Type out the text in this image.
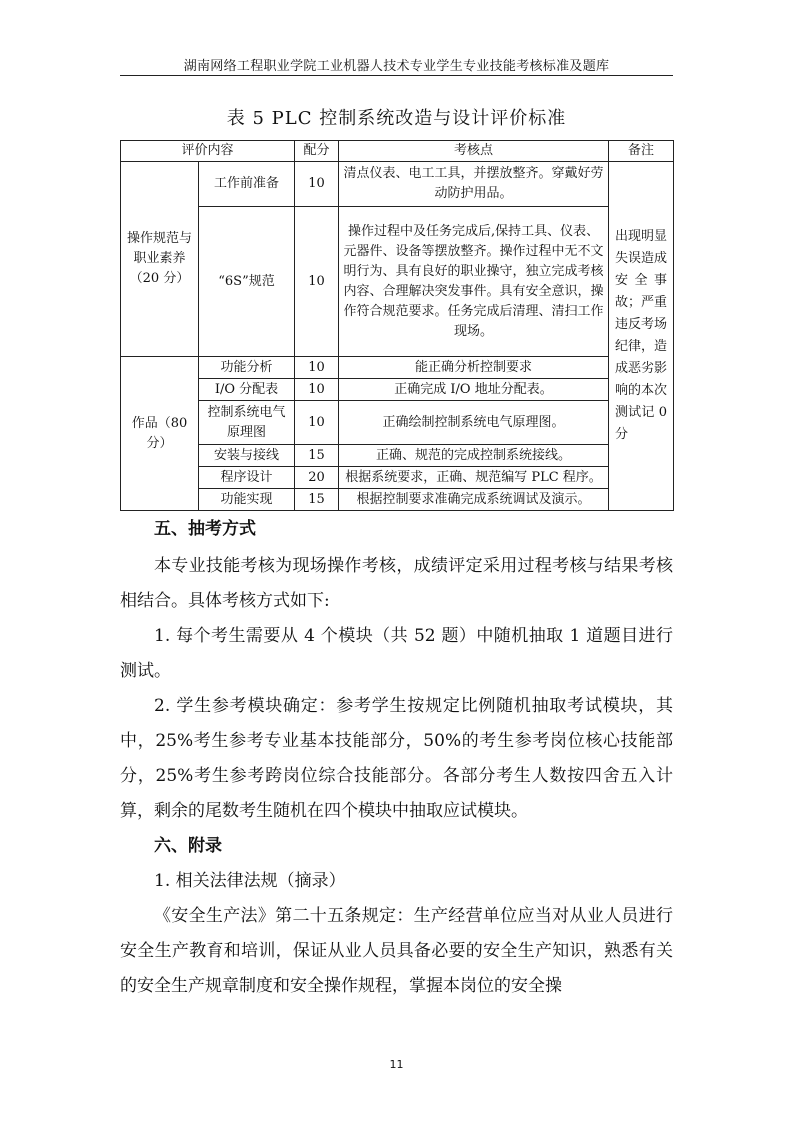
湖南网络工程职业学院工业机器人技术专业学生专业技能考核标准及题库
表 5 PLC 控制系统改造与设计评价标准
评价内容		配分	考核点	备注
操作规范与职业素养（20 分）	工作前准备	10	清点仪表、电工工具，并摆放整齐。穿戴好劳动防护用品。	出现明显失误造成安全事故；严重违反考场纪律，造成恶劣影响的本次测试记 0 分
	“6S”规范	10	操作过程中及任务完成后,保持工具、仪表、元器件、设备等摆放整齐。操作过程中无不文明行为、具有良好的职业操守，独立完成考核内容、合理解决突发事件。具有安全意识，操作符合规范要求。任务完成后清理、清扫工作现场。	
作品（80 分）	功能分析	10	能正确分析控制要求	
	I/O 分配表	10	正确完成 I/O 地址分配表。	
	控制系统电气原理图	10	正确绘制控制系统电气原理图。	
	安装与接线	15	正确、规范的完成控制系统接线。	
	程序设计	20	根据系统要求，正确、规范编写 PLC 程序。	
	功能实现	15	根据控制要求准确完成系统调试及演示。	
五、抽考方式
本专业技能考核为现场操作考核，成绩评定采用过程考核与结果考核相结合。具体考核方式如下:
1. 每个考生需要从 4 个模块（共 52 题）中随机抽取 1 道题目进行测试。
2. 学生参考模块确定：参考学生按规定比例随机抽取考试模块，其中，25%考生参考专业基本技能部分，50%的考生参考岗位核心技能部分，25%考生参考跨岗位综合技能部分。各部分考生人数按四舍五入计算，剩余的尾数考生随机在四个模块中抽取应试模块。
六、附录
1. 相关法律法规（摘录）
《安全生产法》第二十五条规定：生产经营单位应当对从业人员进行安全生产教育和培训，保证从业人员具备必要的安全生产知识，熟悉有关的安全生产规章制度和安全操作规程，掌握本岗位的安全操
11
